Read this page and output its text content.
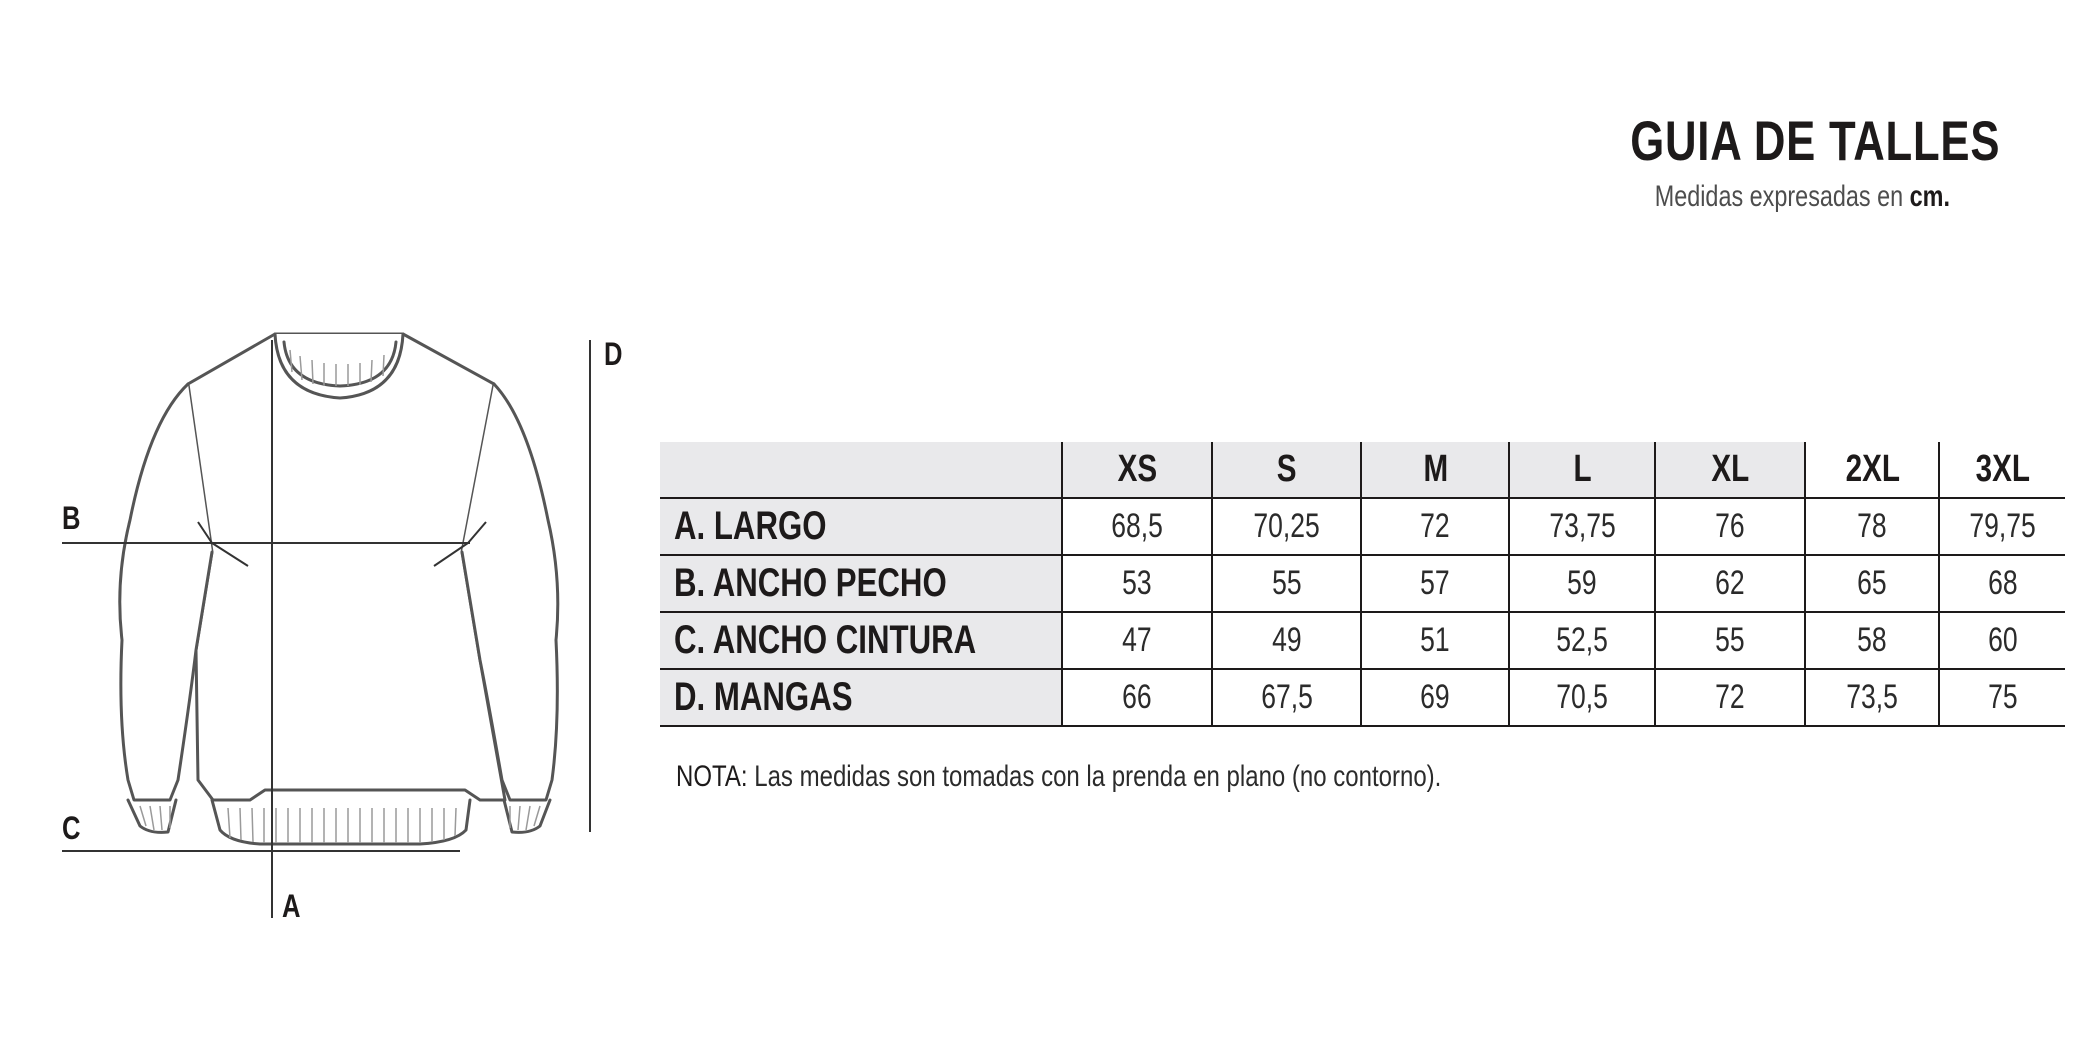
GUIA DE TALLES
Medidas expresadas en cm.
D
B
C
A
	XS	S	M	L	XL	2XL	3XL
A. LARGO	68,5	70,25	72	73,75	76	78	79,75
B. ANCHO PECHO	53	55	57	59	62	65	68
C. ANCHO CINTURA	47	49	51	52,5	55	58	60
D. MANGAS	66	67,5	69	70,5	72	73,5	75
NOTA: Las medidas son tomadas con la prenda en plano (no contorno).
